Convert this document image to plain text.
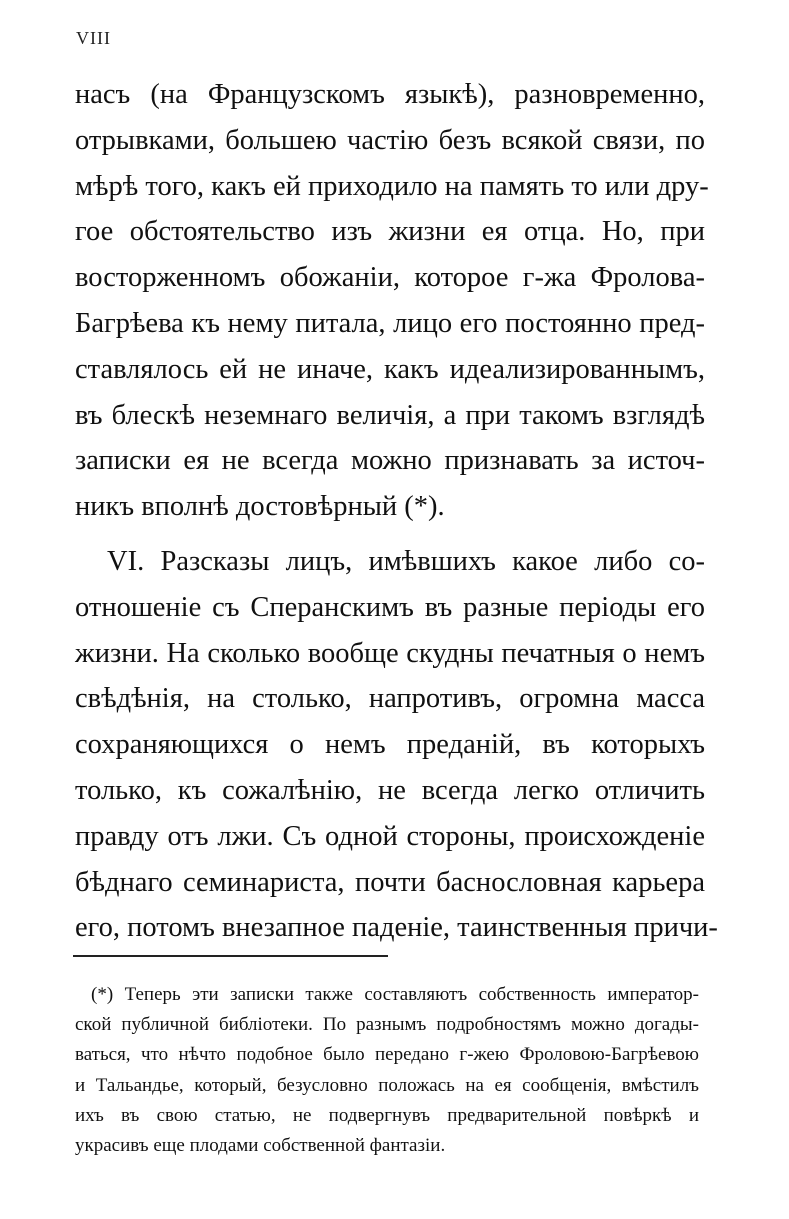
VIII
насъ (на Французскомъ языкѣ), разновременно,
отрывками, большею частію безъ всякой связи, по
мѣрѣ того, какъ ей приходило на память то или дру-
гое обстоятельство изъ жизни ея отца. Но, при
восторженномъ обожаніи, которое г-жа Фролова-
Багрѣева къ нему питала, лицо его постоянно пред-
ставлялось ей не иначе, какъ идеализированнымъ,
въ блескѣ неземнаго величія, а при такомъ взглядѣ
записки ея не всегда можно признавать за источ-
никъ вполнѣ достовѣрный (*).
VI. Разсказы лицъ, имѣвшихъ какое либо со-
отношеніе съ Сперанскимъ въ разные періоды его
жизни. На сколько вообще скудны печатныя о немъ
свѣдѣнія, на столько, напротивъ, огромна масса
сохраняющихся о немъ преданій, въ которыхъ
только, къ сожалѣнію, не всегда легко отличить
правду отъ лжи. Съ одной стороны, происхожденіе
бѣднаго семинариста, почти баснословная карьера
его, потомъ внезапное паденіе, таинственныя причи-
(*) Теперь эти записки также составляютъ собственность император-
ской публичной библіотеки. По разнымъ подробностямъ можно догады-
ваться, что нѣчто подобное было передано г-жею Фроловою-Багрѣевою
и Тальандье, который, безусловно положась на ея сообщенія, вмѣстилъ
ихъ въ свою статью, не подвергнувъ предварительной повѣркѣ и
украсивъ еще плодами собственной фантазіи.
